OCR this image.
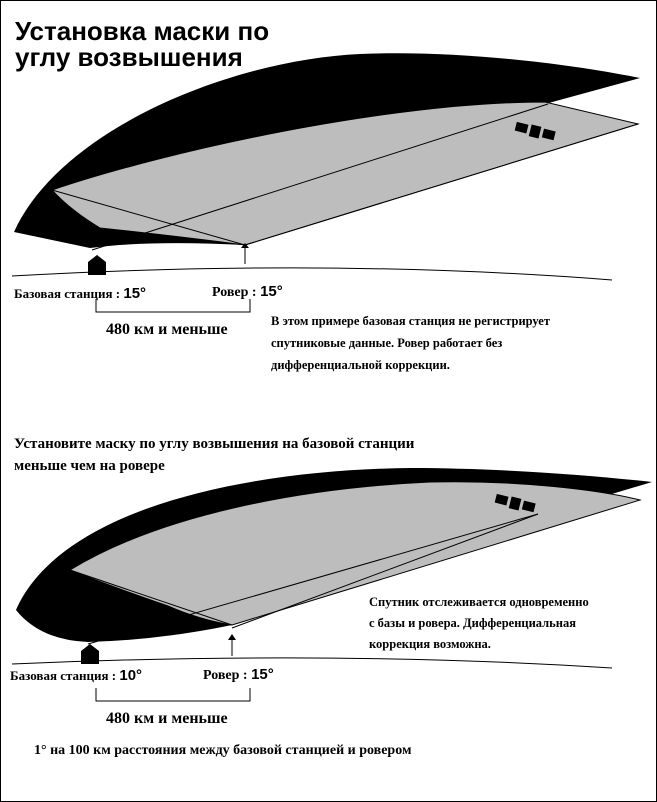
Установка маски по
углу возвышения
Базовая станция : 15°	Ровер : 15°
480 км и меньше	В этом примере базовая станция не регистрирует
спутниковые данные. Ровер работает без
дифференциальной коррекции.
Установите маску по углу возвышения на базовой станции
меньше чем на ровере
Базовая станция : 10°	Ровер : 15°
480 км и меньше
Спутник отслеживается одновременно
с базы и ровера. Дифференциальная
коррекция возможна.
1° на 100 км расстояния между базовой станцией и ровером
